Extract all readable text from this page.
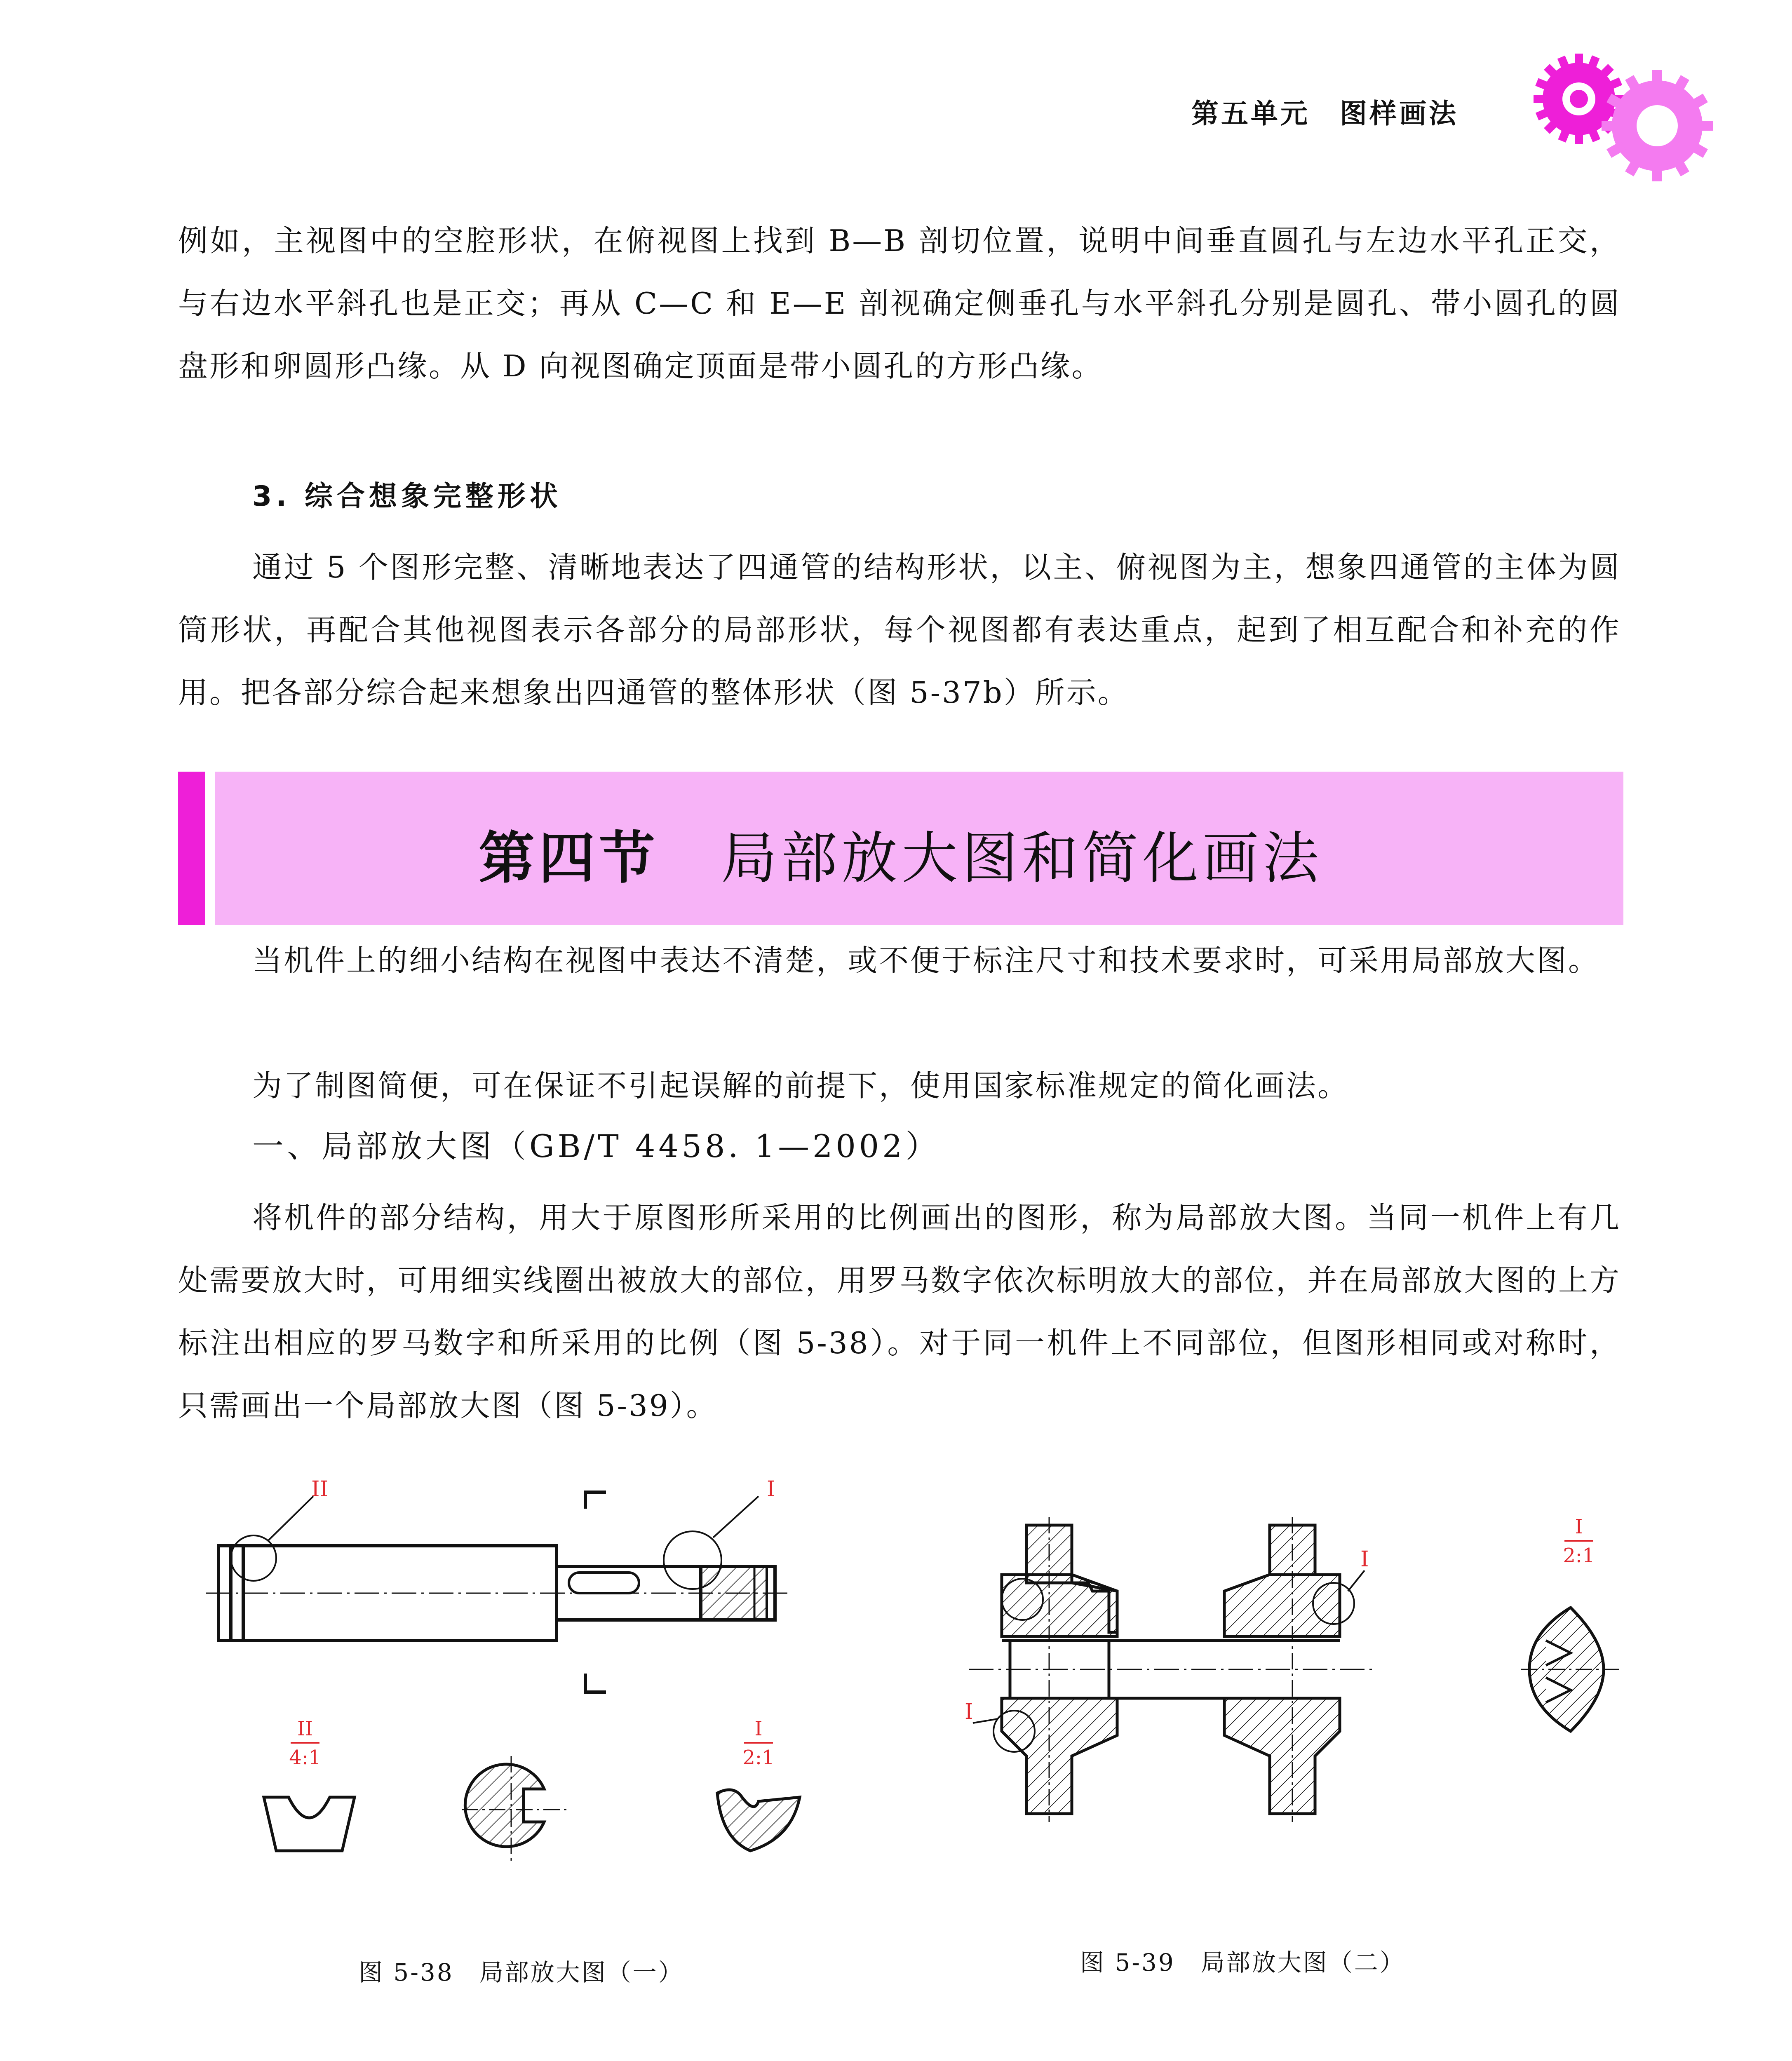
第五单元　图样画法
例如，主视图中的空腔形状，在俯视图上找到 B—B 剖切位置，说明中间垂直圆孔与左边水平孔正交，与右边水平斜孔也是正交；再从 C—C 和 E—E 剖视确定侧垂孔与水平斜孔分别是圆孔、带小圆孔的圆盘形和卵圆形凸缘。从 D 向视图确定顶面是带小圆孔的方形凸缘。
3. 综合想象完整形状
通过 5 个图形完整、清晰地表达了四通管的结构形状，以主、俯视图为主，想象四通管的主体为圆筒形状，再配合其他视图表示各部分的局部形状，每个视图都有表达重点，起到了相互配合和补充的作用。把各部分综合起来想象出四通管的整体形状（图 5-37b）所示。
第四节 局部放大图和简化画法
当机件上的细小结构在视图中表达不清楚，或不便于标注尺寸和技术要求时，可采用局部放大图。
为了制图简便，可在保证不引起误解的前提下，使用国家标准规定的简化画法。
一、局部放大图（GB/T 4458. 1—2002）
将机件的部分结构，用大于原图形所采用的比例画出的图形，称为局部放大图。当同一机件上有几处需要放大时，可用细实线圈出被放大的部位，用罗马数字依次标明放大的部位，并在局部放大图的上方标注出相应的罗马数字和所采用的比例（图 5-38）。对于同一机件上不同部位，但图形相同或对称时，只需画出一个局部放大图（图 5-39）。
II	I
II
4:1
I
2:1
图 5-38　局部放大图（一）
I
I
I
2:1
图 5-39　局部放大图（二）
